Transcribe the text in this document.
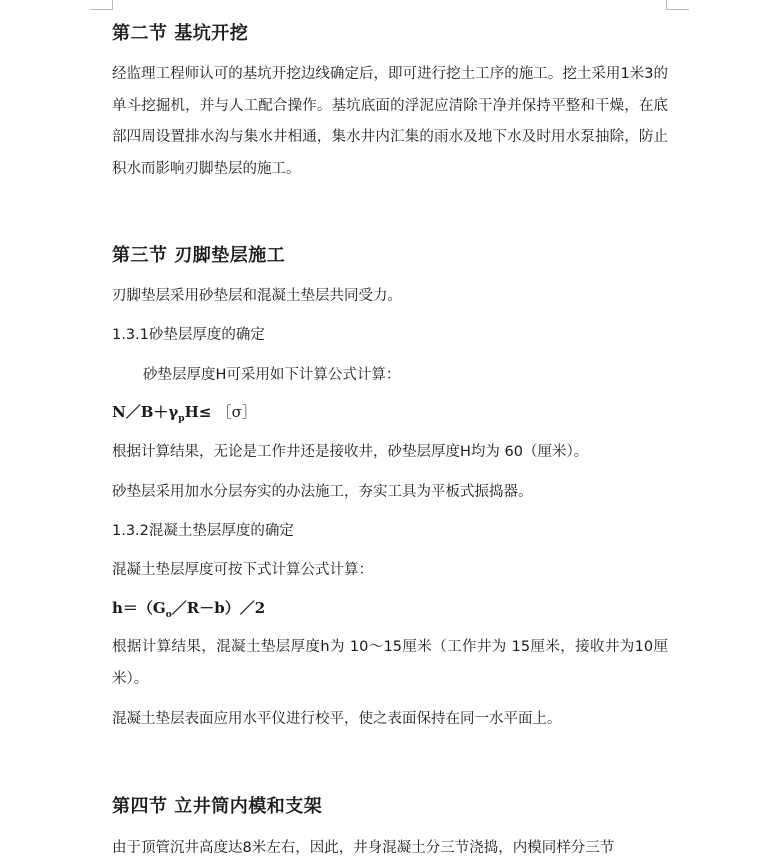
第二节 基坑开挖
经监理工程师认可的基坑开挖边线确定后，即可进行挖土工序的施工。挖土采用1米3的单斗挖掘机，并与人工配合操作。基坑底面的浮泥应清除干净并保持平整和干燥，在底部四周设置排水沟与集水井相通，集水井内汇集的雨水及地下水及时用水泵抽除，防止积水而影响刃脚垫层的施工。
第三节 刃脚垫层施工
刃脚垫层采用砂垫层和混凝土垫层共同受力。
1.3.1砂垫层厚度的确定
砂垫层厚度H可采用如下计算公式计算：
$N/B+\gamma_pH\le$ ［σ］
根据计算结果，无论是工作井还是接收井，砂垫层厚度H均为 60（厘米）。
砂垫层采用加水分层夯实的办法施工，夯实工具为平板式振捣器。
1.3.2混凝土垫层厚度的确定
混凝土垫层厚度可按下式计算公式计算：
$h=(G_o/R-b)/2$
根据计算结果，混凝土垫层厚度h为 10～15厘米（工作井为 15厘米，接收井为10厘米）。
混凝土垫层表面应用水平仪进行校平，使之表面保持在同一水平面上。
第四节 立井筒内模和支架
由于顶管沉井高度达8米左右，因此，井身混凝土分三节浇捣，内模同样分三节
